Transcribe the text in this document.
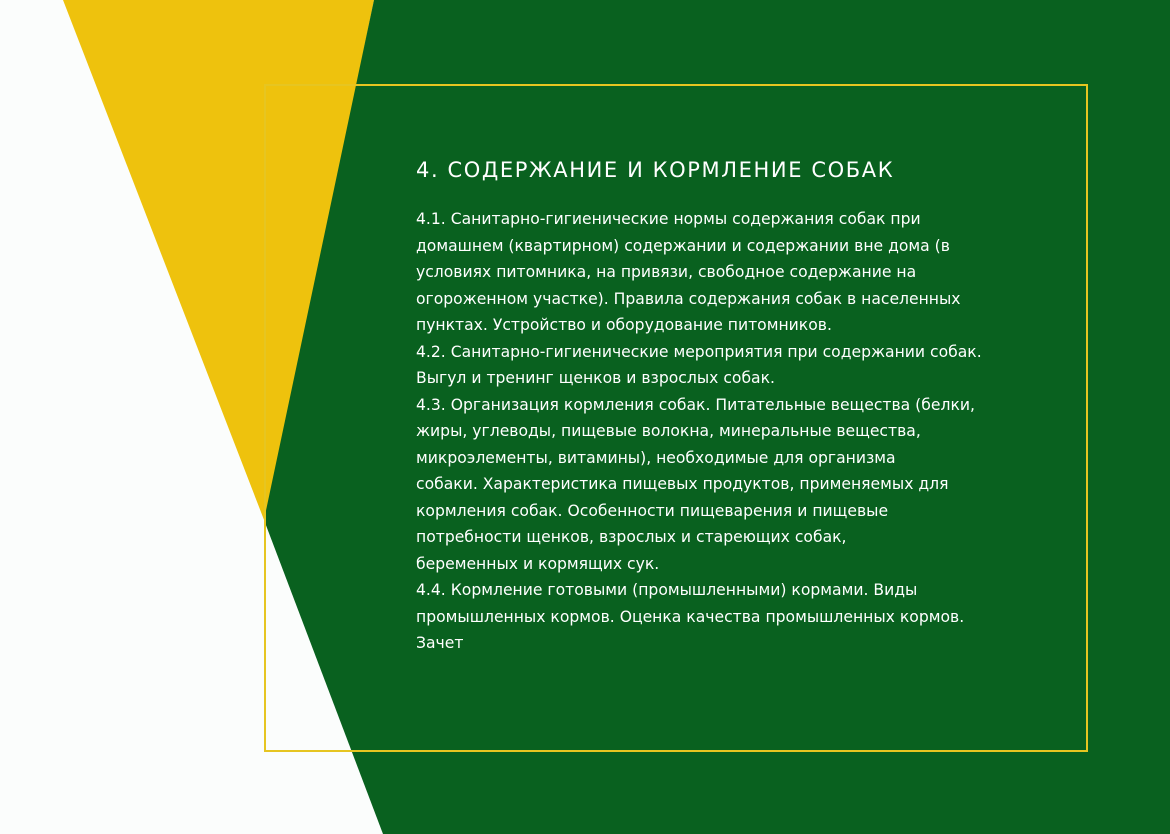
4. СОДЕРЖАНИЕ И КОРМЛЕНИЕ СОБАК

4.1. Санитарно-гигиенические нормы содержания собак при

домашнем (квартирном) содержании и содержании вне дома (в

условиях питомника, на привязи, свободное содержание на

огороженном участке). Правила содержания собак в населенных

пунктах. Устройство и оборудование питомников.

4.2. Санитарно-гигиенические мероприятия при содержании собак.

Выгул и тренинг щенков и взрослых собак.

4.3. Организация кормления собак. Питательные вещества (белки,

жиры, углеводы, пищевые волокна, минеральные вещества,

микроэлементы, витамины), необходимые для организма

собаки. Характеристика пищевых продуктов, применяемых для

кормления собак. Особенности пищеварения и пищевые

потребности щенков, взрослых и стареющих собак,

беременных и кормящих сук.

4.4. Кормление готовыми (промышленными) кормами. Виды

промышленных кормов. Оценка качества промышленных кормов.

Зачет
